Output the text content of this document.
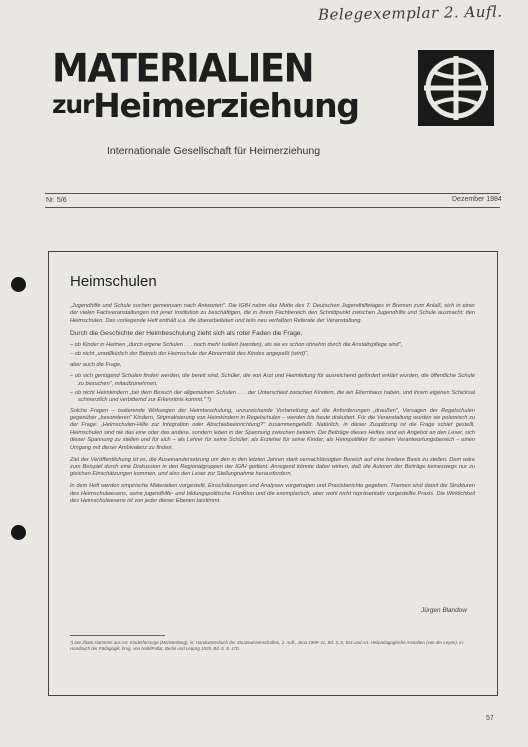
Belegexemplar 2. Aufl.
MATERIALIEN
zurHeimerziehung
Internationale Gesellschaft für Heimerziehung
Nr. 5/6	Dezember 1984
Heimschulen

„Jugendhilfe und Schule suchen gemeinsam nach Antworten". Die IGfH nahm das Motto des 7. Deutschen Jugendhilfetages in Bremen zum Anlaß, sich in einer der vielen Fachveranstaltungen mit jener Institution zu beschäftigen, die in ihrem Fachbereich den Schnittpunkt zwischen Jugendhilfe und Schule ausmacht: den Heimschulen. Das vorliegende Heft enthält u.a. die überarbeiteten und teils neu verfaßten Referate der Veranstaltung.

Durch die Geschichte der Heimbeschulung zieht sich als roter Faden die Frage,

– ob Kinder in Heimen „durch eigene Schulen . . . noch mehr isoliert (werden), als sie es schon ohnehin durch die Anstaltspflege sind",
– ob nicht „unwillkürlich der Betrieb der Heimschule der Abnormität des Kindes angepaßt (wird)",

aber auch die Frage,

– ob sich genügend Schulen finden werden, die bereit sind, Schüler, die von Arzt und Heimleitung für ausreichend gefördert erklärt wurden, die öffentliche Schule zu besuchen", mitaufzunehmen,
– ob nicht Heimkindern „bei dem Besuch der allgemeinen Schulen . . . der Unterschied zwischen Kindern, die ein Elternhaus haben, und ihrem eigenen Schicksal schmerzlich und verbitternd zur Erkenntnis kommt." *)

Solche Fragen – isolierende Wirkungen der Heimbeschulung, unzureichende Vorbereitung auf die Anforderungen „draußen", Versagen der Regelschulen gegenüber „besonderen" Kindern, Stigmatisierung von Heimkindern in Regelschulen – werden bis heute diskutiert. Für die Veranstaltung wurden sie polemisch zu der Frage: „Heimschulen-Hilfe zur Integration oder Abschiebeeinrichtung?" zusammengefaßt. Natürlich, in dieser Zuspitzung ist die Frage schief gestellt. Heimschulen sind nie das eine oder das andere, sondern leben in der Spannung zwischen beidem. Die Beiträge dieses Heftes sind ein Angebot an den Leser, sich dieser Spannung zu stellen und für sich – als Lehrer für seine Schüler, als Erzieher für seine Kinder, als Heimpolitiker für seinen Verantwortungsbereich – einen Umgang mit dieser Ambivalenz zu finden.

Ziel der Veröffentlichung ist es, die Auseinandersetzung um den in den letzten Jahren stark vernachlässigten Bereich auf eine breitere Basis zu stellen. Dem wäre zum Beispiel durch eine Diskussion in den Regionalgruppen der IGfH gedient. Anregend könnte dabei wirken, daß die Autoren der Beiträge keineswegs nur zu gleichen Einschätzungen kommen, und also den Leser zur Stellungnahme herausfordern.

In dem Heft werden empirische Materialien vorgestellt, Einschätzungen und Analysen vorgetragen und Praxisberichte gegeben. Themen sind damit die Strukturen des Heimschulwesens, seine jugendhilfe- und bildungspolitische Funktion und die exemplarisch, aber wohl nicht repräsentativ vorgestellte Praxis. Die Wirklichkeit des Heimschulwesens ist von jeder dieser Ebenen bestimmt.

Jürgen Blandow
*) Die Zitate stammen aus Art. Kinderfürsorge (Münsterberg), in: Handwörterbuch der Staatswissenschaften, 2. Aufl., Jena 1909–11, Bd. 5, S. 831 und Art. Heilpädagogische Anstalten (von der Leyen), in: Handbuch der Pädagogik, hrsg. von Nohl/Pallat, Berlin und Leipzig 1929, Bd. 5, S. 170.
57
